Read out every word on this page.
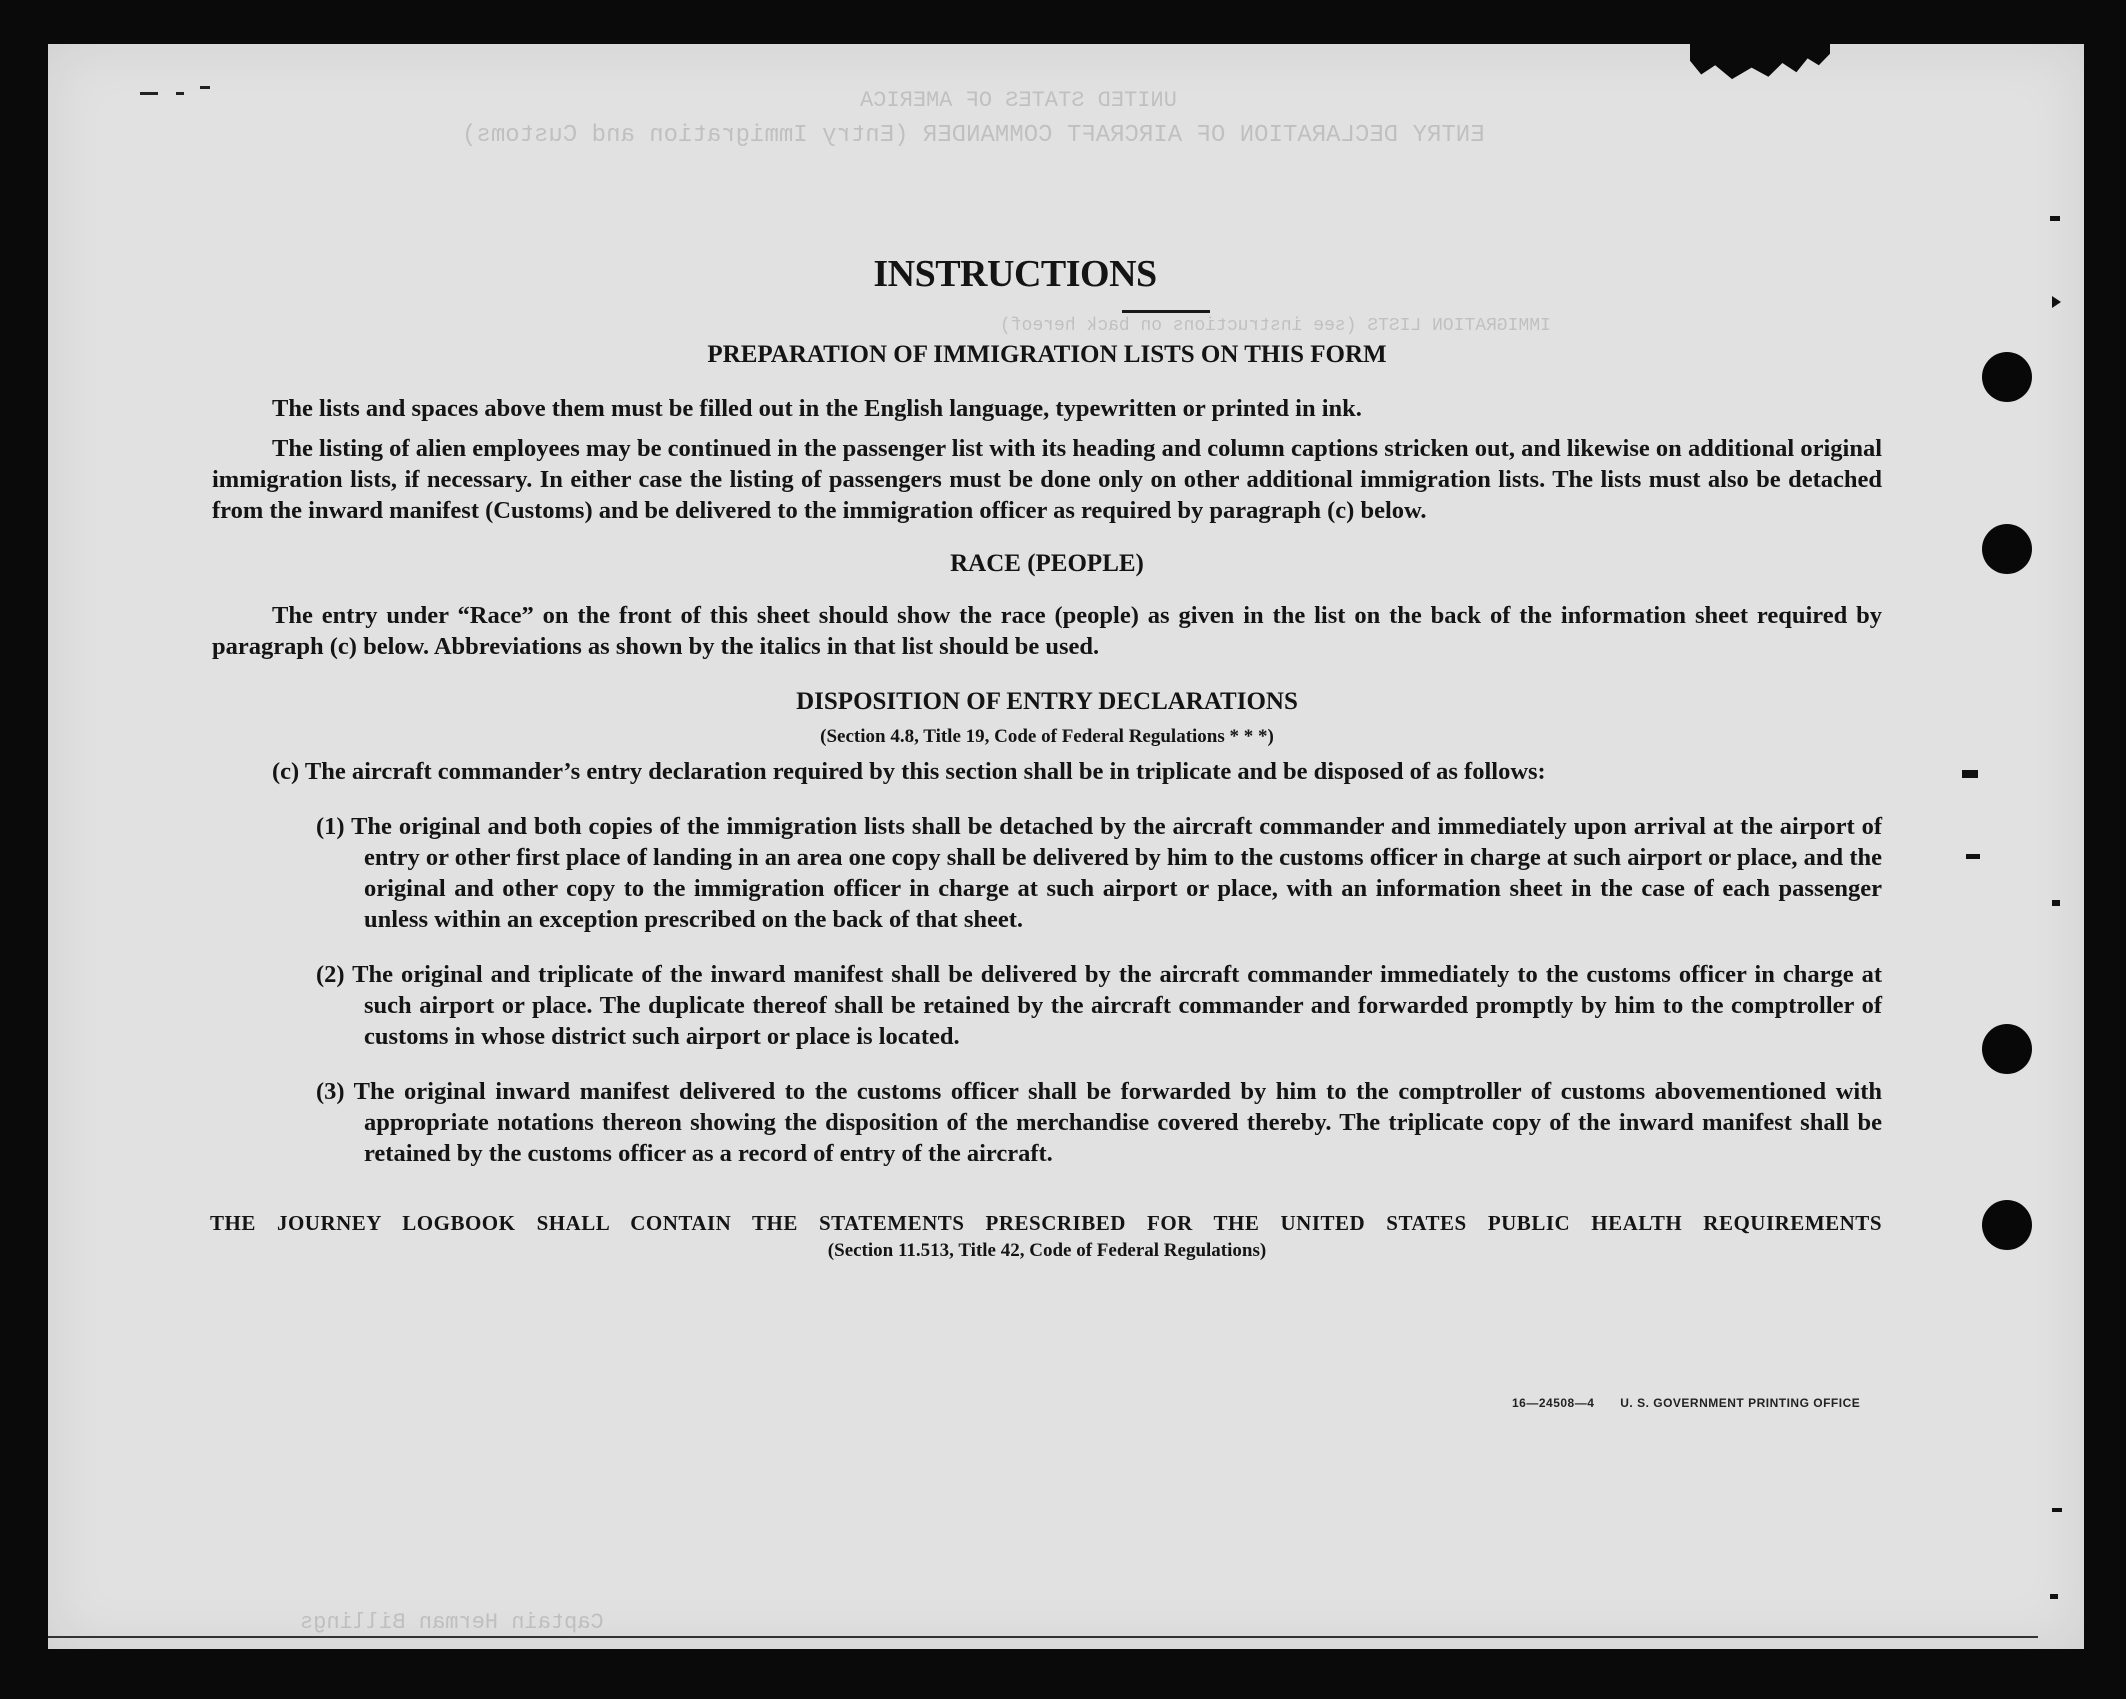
UNITED STATES OF AMERICA
ENTRY DECLARATION OF AIRCRAFT COMMANDER (Entry Immigration and Customs)
IMMIGRATION LISTS (see instructions on back hereof)
Captain Herman Billings
INSTRUCTIONS
PREPARATION OF IMMIGRATION LISTS ON THIS FORM

The lists and spaces above them must be filled out in the English language, typewritten or printed in ink.

The listing of alien employees may be continued in the passenger list with its heading and column captions stricken out, and likewise on additional original immigration lists, if necessary. In either case the listing of passengers must be done only on other additional immigration lists. The lists must also be detached from the inward manifest (Customs) and be delivered to the immigration officer as required by paragraph (c) below.

RACE (PEOPLE)

The entry under “Race” on the front of this sheet should show the race (people) as given in the list on the back of the information sheet required by paragraph (c) below. Abbreviations as shown by the italics in that list should be used.

DISPOSITION OF ENTRY DECLARATIONS
(Section 4.8, Title 19, Code of Federal Regulations * * *)

(c) The aircraft commander’s entry declaration required by this section shall be in triplicate and be disposed of as follows:

(1) The original and both copies of the immigration lists shall be detached by the aircraft commander and immediately upon arrival at the airport of entry or other first place of landing in an area one copy shall be delivered by him to the customs officer in charge at such airport or place, and the original and other copy to the immigration officer in charge at such airport or place, with an information sheet in the case of each passenger unless within an exception prescribed on the back of that sheet.

(2) The original and triplicate of the inward manifest shall be delivered by the aircraft commander immediately to the customs officer in charge at such airport or place. The duplicate thereof shall be retained by the aircraft commander and forwarded promptly by him to the comptroller of customs in whose district such airport or place is located.

(3) The original inward manifest delivered to the customs officer shall be forwarded by him to the comptroller of customs abovementioned with appropriate notations thereon showing the disposition of the merchandise covered thereby. The triplicate copy of the inward manifest shall be retained by the customs officer as a record of entry of the aircraft.

THE JOURNEY LOGBOOK SHALL CONTAIN THE STATEMENTS PRESCRIBED FOR THE UNITED STATES PUBLIC HEALTH REQUIREMENTS
(Section 11.513, Title 42, Code of Federal Regulations)
16—24508—4 U. S. GOVERNMENT PRINTING OFFICE
